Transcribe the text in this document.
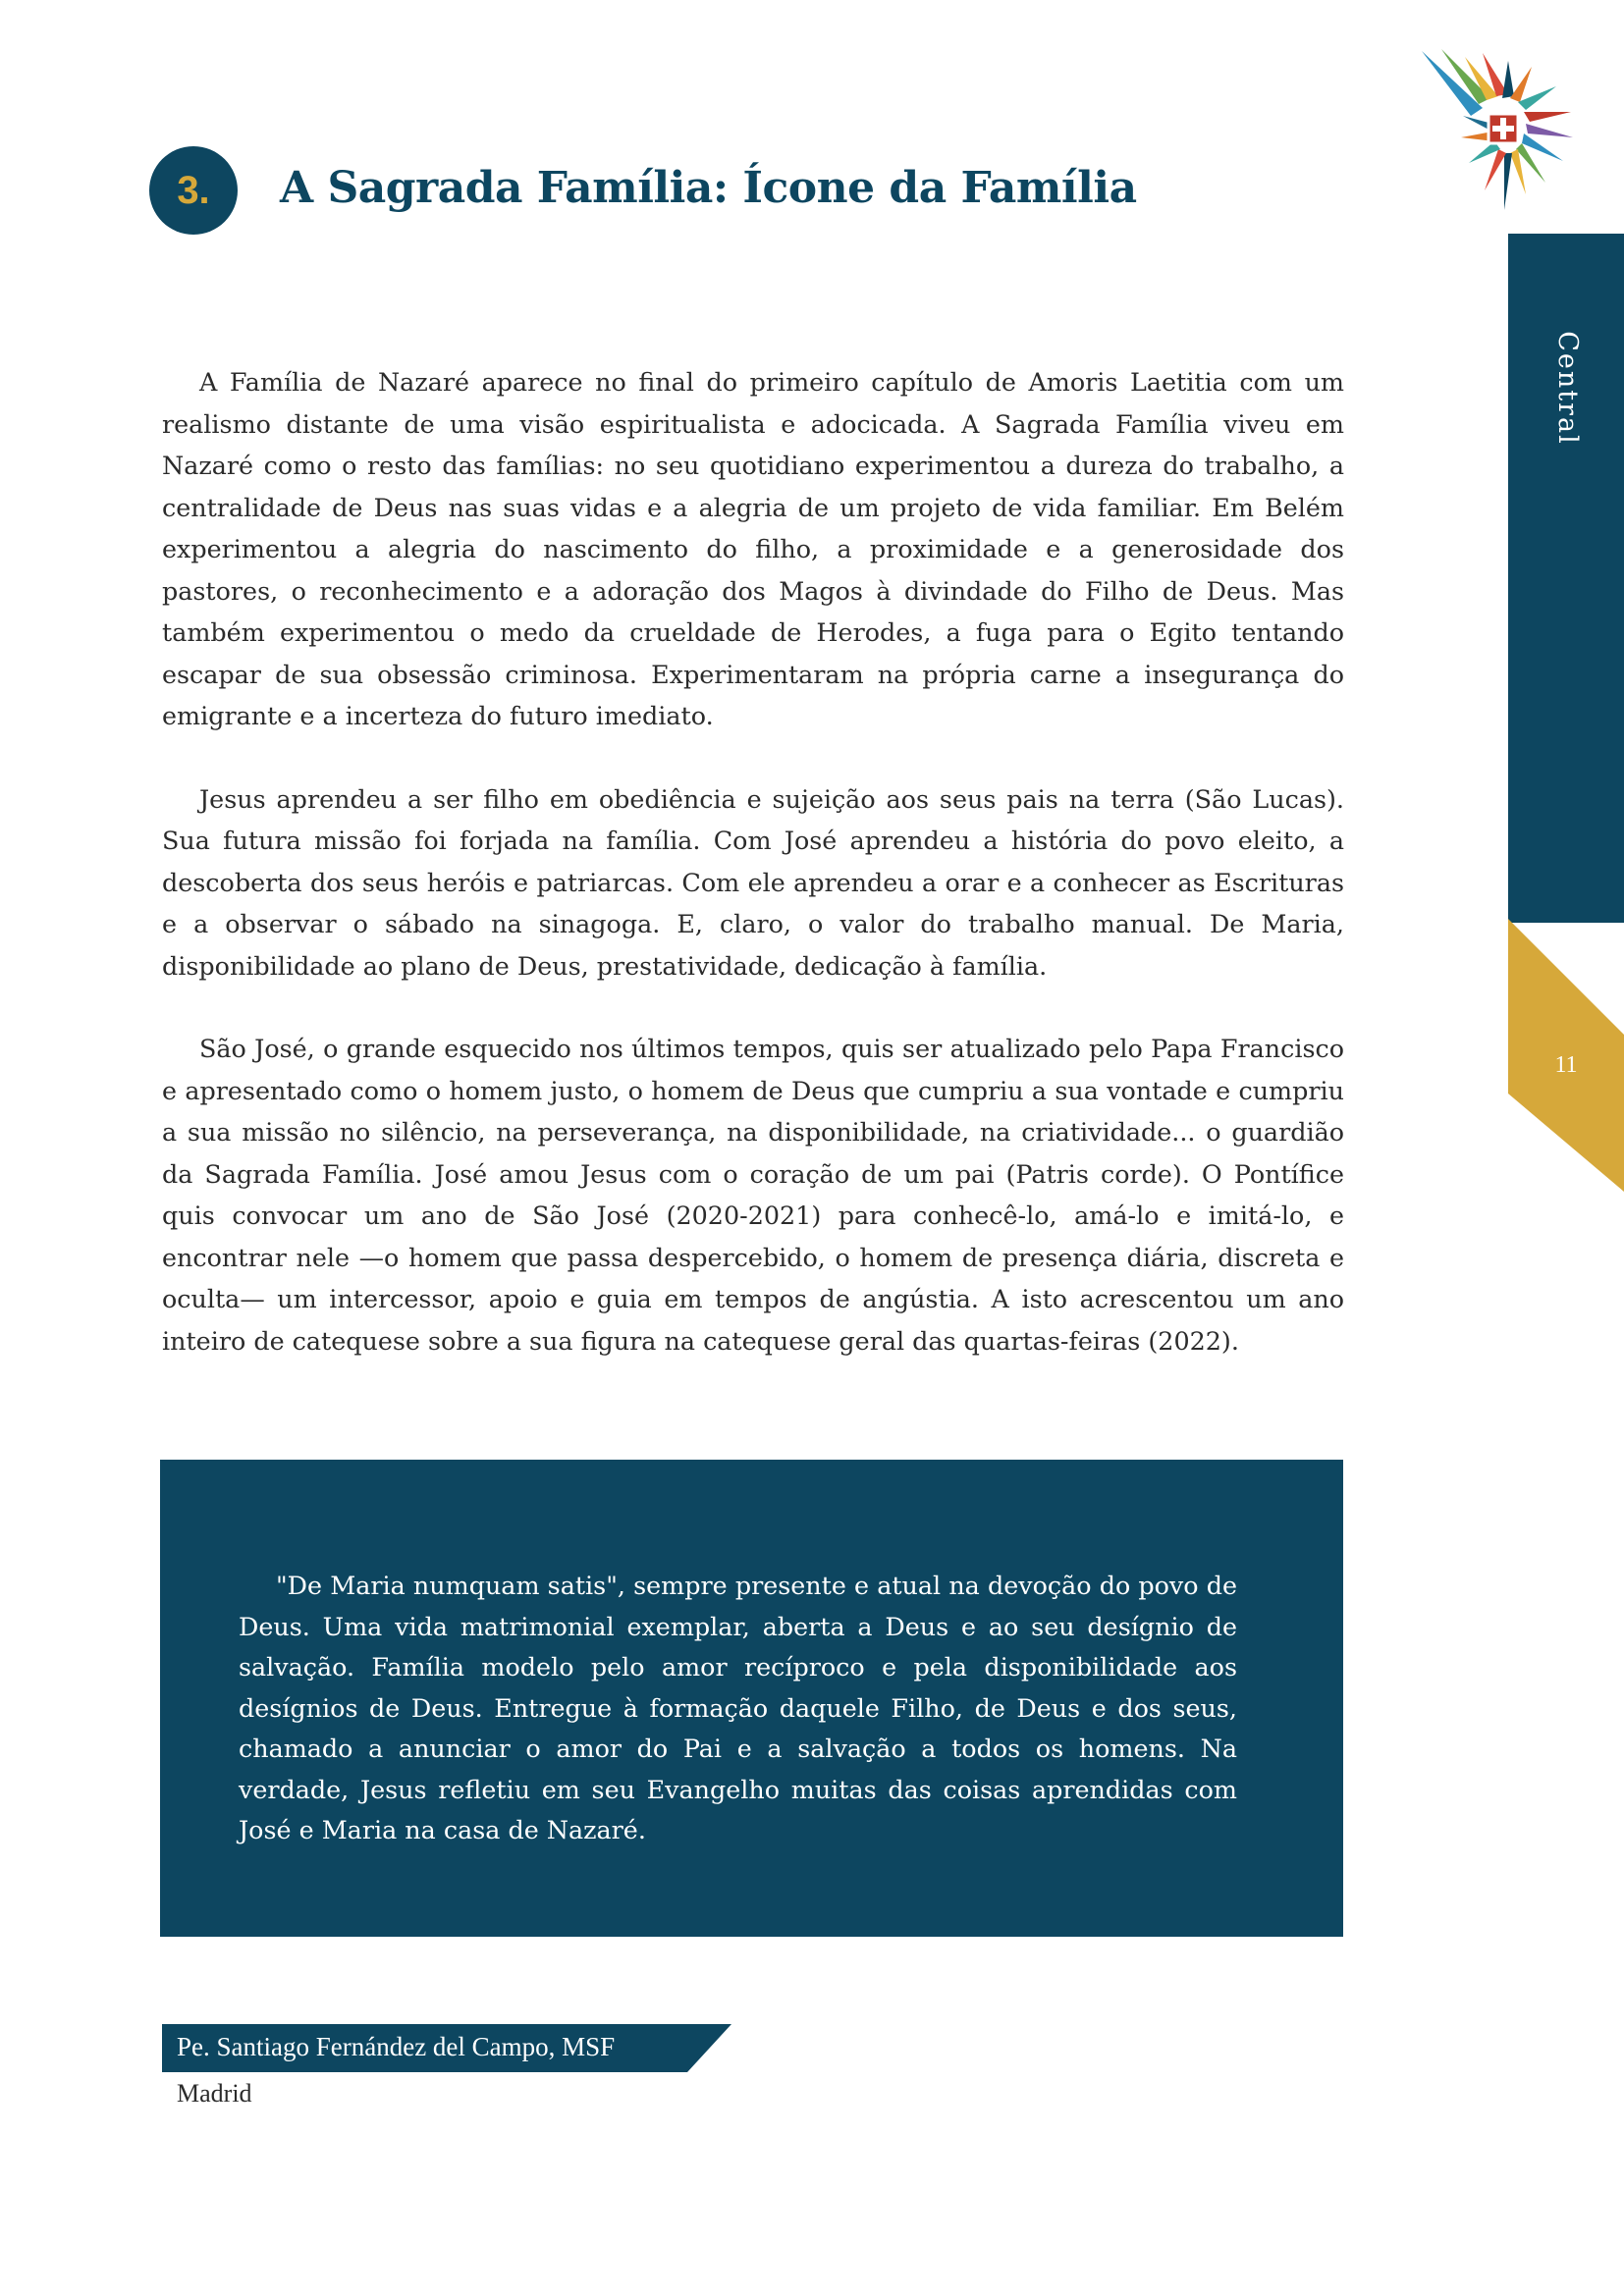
Central
11
3.	A Sagrada Família: Ícone da Família

A Família de Nazaré aparece no final do primeiro capítulo de Amoris Laetitia com um realismo distante de uma visão espiritualista e adocicada. A Sagrada Família viveu em Nazaré como o resto das famílias: no seu quotidiano experimentou a dureza do trabalho, a centralidade de Deus nas suas vidas e a alegria de um projeto de vida familiar. Em Belém experimentou a alegria do nascimento do filho, a proximidade e a generosidade dos pastores, o reconhecimento e a adoração dos Magos à divindade do Filho de Deus. Mas também experimentou o medo da crueldade de Herodes, a fuga para o Egito tentando escapar de sua obsessão criminosa. Experimentaram na própria carne a insegurança do emigrante e a incerteza do futuro imediato.

Jesus aprendeu a ser filho em obediência e sujeição aos seus pais na terra (São Lucas). Sua futura missão foi forjada na família. Com José aprendeu a história do povo eleito, a descoberta dos seus heróis e patriarcas. Com ele aprendeu a orar e a conhecer as Escrituras e a observar o sábado na sinagoga. E, claro, o valor do trabalho manual. De Maria, disponibilidade ao plano de Deus, prestatividade, dedicação à família.

São José, o grande esquecido nos últimos tempos, quis ser atualizado pelo Papa Francisco e apresentado como o homem justo, o homem de Deus que cumpriu a sua vontade e cumpriu a sua missão no silêncio, na perseverança, na disponibilidade, na criatividade... o guardião da Sagrada Família. José amou Jesus com o coração de um pai (Patris corde). O Pontífice quis convocar um ano de São José (2020-2021) para conhecê-lo, amá-lo e imitá-lo, e encontrar nele —o homem que passa despercebido, o homem de presença diária, discreta e oculta— um intercessor, apoio e guia em tempos de angústia. A isto acrescentou um ano inteiro de catequese sobre a sua figura na catequese geral das quartas-feiras (2022).

"De Maria numquam satis", sempre presente e atual na devoção do povo de Deus. Uma vida matrimonial exemplar, aberta a Deus e ao seu desígnio de salvação. Família modelo pelo amor recíproco e pela disponibilidade aos desígnios de Deus. Entregue à formação daquele Filho, de Deus e dos seus, chamado a anunciar o amor do Pai e a salvação a todos os homens. Na verdade, Jesus refletiu em seu Evangelho muitas das coisas aprendidas com José e Maria na casa de Nazaré.

Pe. Santiago Fernández del Campo, MSF
Madrid
